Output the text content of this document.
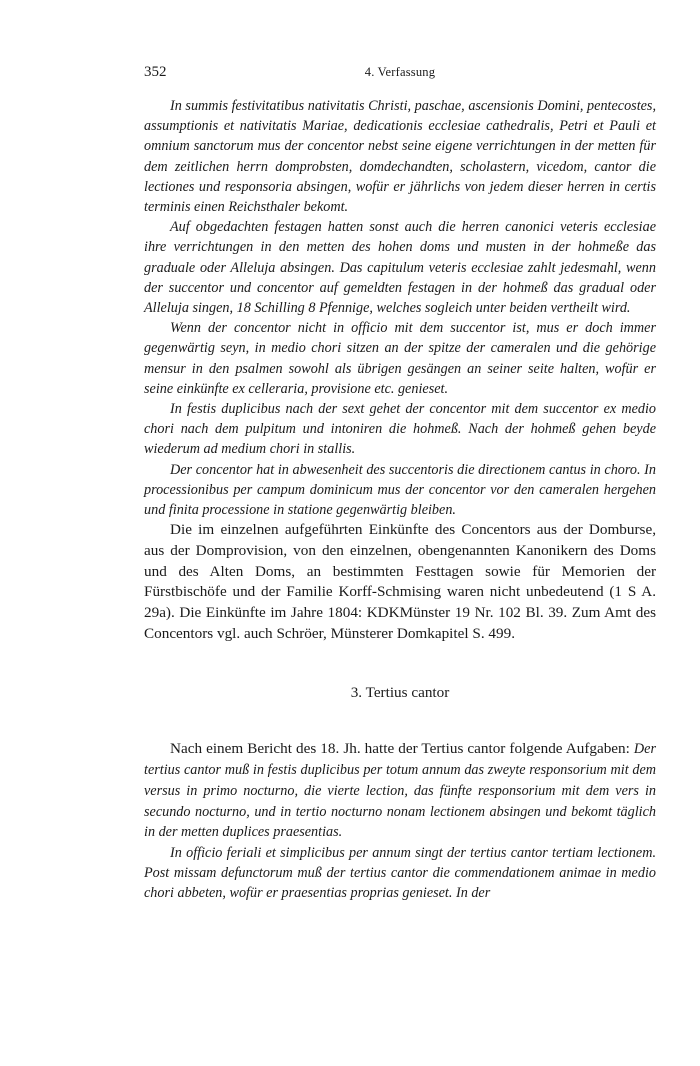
352	4. Verfassung

In summis festivitatibus nativitatis Christi, paschae, ascensionis Domini, pentecostes, assumptionis et nativitatis Mariae, dedicationis ecclesiae cathedralis, Petri et Pauli et omnium sanctorum mus der concentor nebst seine eigene verrichtungen in der metten für dem zeitlichen herrn domprobsten, domdechandten, scholastern, vicedom, cantor die lectiones und responsoria absingen, wofür er jährlichs von jedem dieser herren in certis terminis einen Reichsthaler bekomt.

Auf obgedachten festagen hatten sonst auch die herren canonici veteris ecclesiae ihre verrichtungen in den metten des hohen doms und musten in der hohmeße das graduale oder Alleluja absingen. Das capitulum veteris ecclesiae zahlt jedesmahl, wenn der succentor und concentor auf gemeldten festagen in der hohmeß das gradual oder Alleluja singen, 18 Schilling 8 Pfennige, welches sogleich unter beiden vertheilt wird.

Wenn der concentor nicht in officio mit dem succentor ist, mus er doch immer gegenwärtig seyn, in medio chori sitzen an der spitze der cameralen und die gehörige mensur in den psalmen sowohl als übrigen gesängen an seiner seite halten, wofür er seine einkünfte ex celleraria, provisione etc. genieset.

In festis duplicibus nach der sext gehet der concentor mit dem succentor ex medio chori nach dem pulpitum und intoniren die hohmeß. Nach der hohmeß gehen beyde wiederum ad medium chori in stallis.

Der concentor hat in abwesenheit des succentoris die directionem cantus in choro. In processionibus per campum dominicum mus der concentor vor den cameralen hergehen und finita processione in statione gegenwärtig bleiben.

Die im einzelnen aufgeführten Einkünfte des Concentors aus der Domburse, aus der Domprovision, von den einzelnen, obengenannten Kanonikern des Doms und des Alten Doms, an bestimmten Festtagen sowie für Memorien der Fürstbischöfe und der Familie Korff-Schmising waren nicht unbedeutend (1 S A. 29a). Die Einkünfte im Jahre 1804: KDKMünster 19 Nr. 102 Bl. 39. Zum Amt des Concentors vgl. auch Schröer, Münsterer Domkapitel S. 499.

3. Tertius cantor

Nach einem Bericht des 18. Jh. hatte der Tertius cantor folgende Aufgaben: Der tertius cantor muß in festis duplicibus per totum annum das zweyte responsorium mit dem versus in primo nocturno, die vierte lection, das fünfte responsorium mit dem vers in secundo nocturno, und in tertio nocturno nonam lectionem absingen und bekomt täglich in der metten duplices praesentias.

In officio feriali et simplicibus per annum singt der tertius cantor tertiam lectionem. Post missam defunctorum muß der tertius cantor die commendationem animae in medio chori abbeten, wofür er praesentias proprias genieset. In der
